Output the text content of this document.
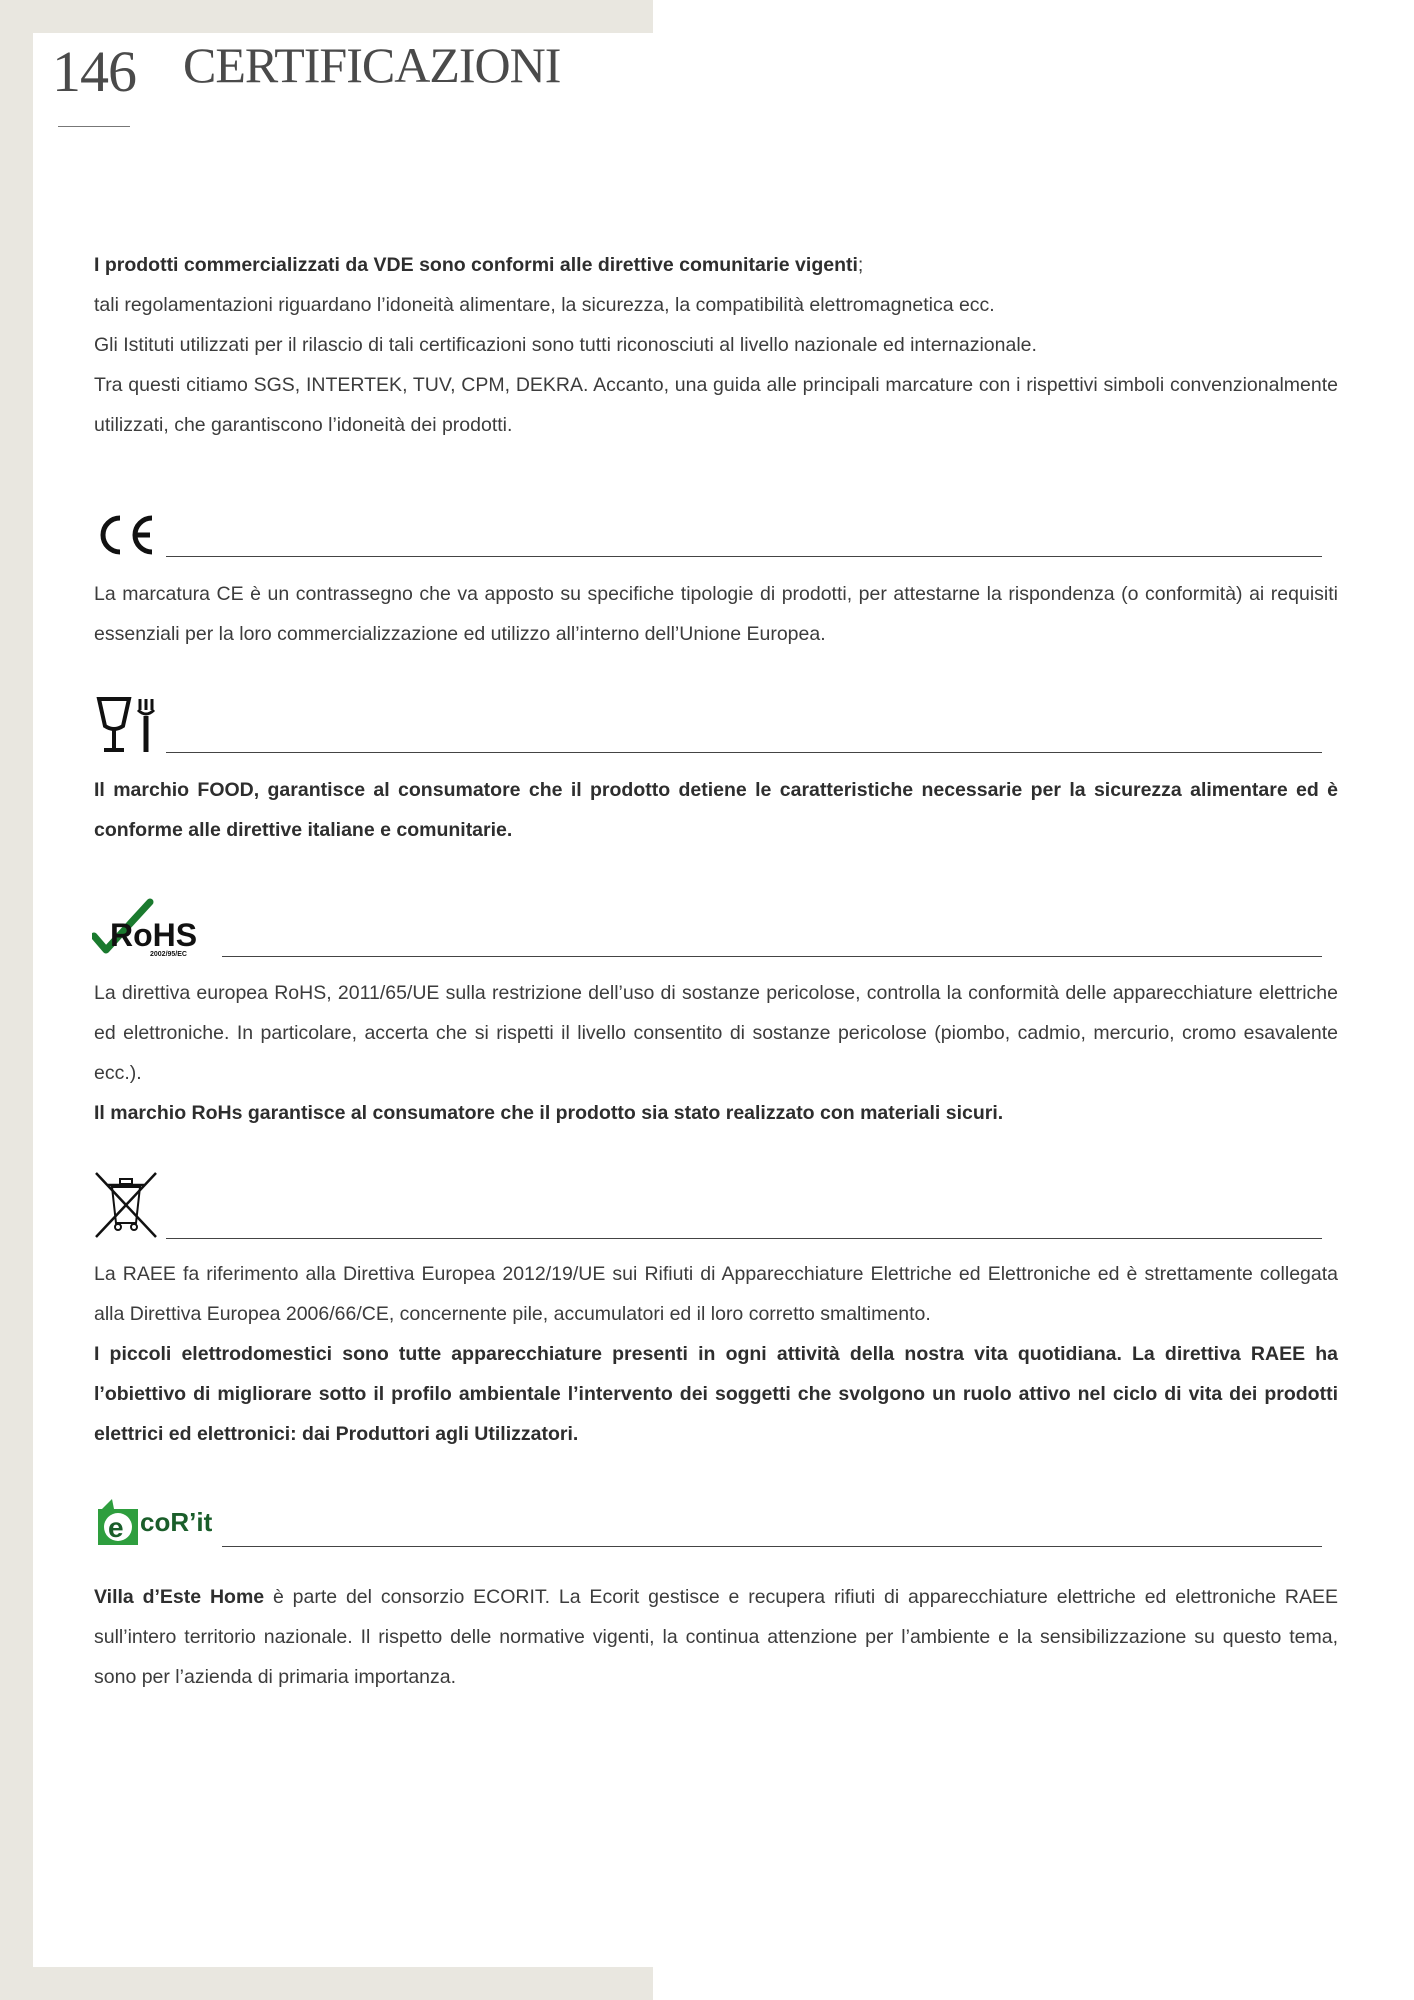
146 CERTIFICAZIONI
I prodotti commercializzati da VDE sono conformi alle direttive comunitarie vigenti;
tali regolamentazioni riguardano l’idoneità alimentare, la sicurezza, la compatibilità elettromagnetica ecc.
Gli Istituti utilizzati per il rilascio di tali certificazioni sono tutti riconosciuti al livello nazionale ed internazionale.
Tra questi citiamo SGS, INTERTEK, TUV, CPM, DEKRA. Accanto, una guida alle principali marcature con i rispettivi simboli convenzionalmente utilizzati, che garantiscono l’idoneità dei prodotti.
La marcatura CE è un contrassegno che va apposto su specifiche tipologie di prodotti, per attestarne la rispondenza (o conformità) ai requisiti essenziali per la loro commercializzazione ed utilizzo all’interno dell’Unione Europea.
Il marchio FOOD, garantisce al consumatore che il prodotto detiene le caratteristiche necessarie per la sicurezza alimentare ed è conforme alle direttive italiane e comunitarie.
RoHS
2002/95/EC
La direttiva europea RoHS, 2011/65/UE sulla restrizione dell’uso di sostanze pericolose, controlla la conformità delle apparecchiature elettriche ed elettroniche. In particolare, accerta che si rispetti il livello consentito di sostanze pericolose (piombo, cadmio, mercurio, cromo esavalente ecc.).
Il marchio RoHs garantisce al consumatore che il prodotto sia stato realizzato con materiali sicuri.
La RAEE fa riferimento alla Direttiva Europea 2012/19/UE sui Rifiuti di Apparecchiature Elettriche ed Elettroniche ed è strettamente collegata alla Direttiva Europea 2006/66/CE, concernente pile, accumulatori ed il loro corretto smaltimento.
I piccoli elettrodomestici sono tutte apparecchiature presenti in ogni attività della nostra vita quotidiana. La direttiva RAEE ha l’obiettivo di migliorare sotto il profilo ambientale l’intervento dei soggetti che svolgono un ruolo attivo nel ciclo di vita dei prodotti elettrici ed elettronici: dai Produttori agli Utilizzatori.
e coR’it
Villa d’Este Home è parte del consorzio ECORIT. La Ecorit gestisce e recupera rifiuti di apparecchiature elettriche ed elettroniche RAEE sull’intero territorio nazionale. Il rispetto delle normative vigenti, la continua attenzione per l’ambiente e la sensibilizzazione su questo tema, sono per l’azienda di primaria importanza.
